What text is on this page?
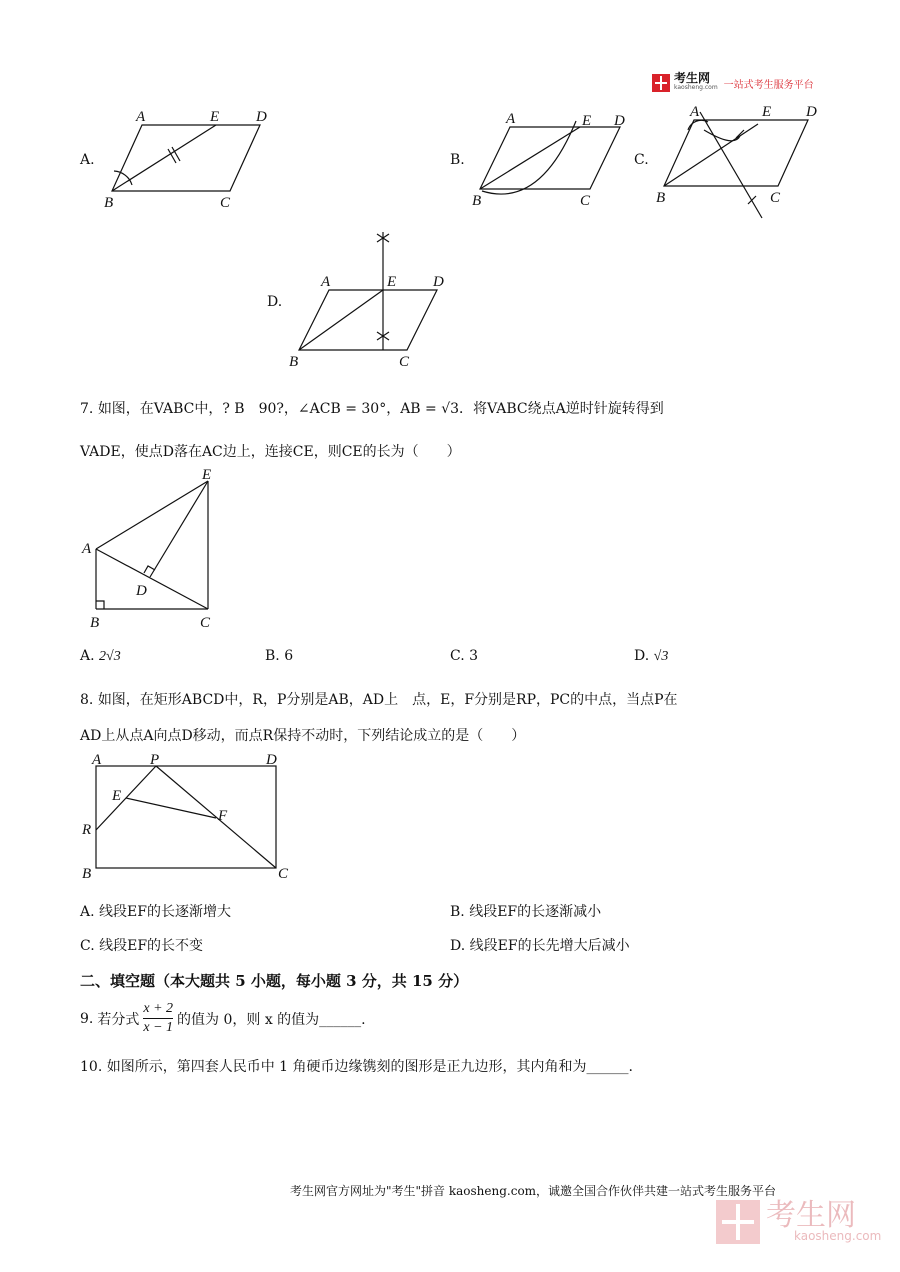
考生网
kaosheng.com 一站式考生服务平台
A.
A	E D
B	C
B.
A	E D
B	C
C.
A	E D
B	C
D.
A	E D
B	C
7. 如图，在VABC中，? B　90?，∠ACB = 30°，AB = √3．将VABC绕点A逆时针旋转得到
VADE，使点D落在AC边上，连接CE，则CE的长为（　　）
E
A
D
B	C
A. 2√3	B. 6	C. 3	D. √3
8. 如图，在矩形ABCD中，R，P分别是AB，AD上　点，E，F分别是RP，PC的中点，当点P在
AD上从点A向点D移动，而点R保持不动时，下列结论成立的是（　　）
A	P	D
E
F
R
B	C
A. 线段EF的长逐渐增大	B. 线段EF的长逐渐减小
C. 线段EF的长不变	D. 线段EF的长先增大后减小
二、填空题（本大题共 5 小题，每小题 3 分，共 15 分）
9. 若分式 $\frac{x + 2}{x - 1}$ 的值为 0，则 x 的值为______.
10. 如图所示，第四套人民币中 1 角硬币边缘镌刻的图形是正九边形，其内角和为______.
考生网官方网址为"考生"拼音 kaosheng.com，诚邀全国合作伙伴共建一站式考生服务平台
考生网
kaosheng.com
